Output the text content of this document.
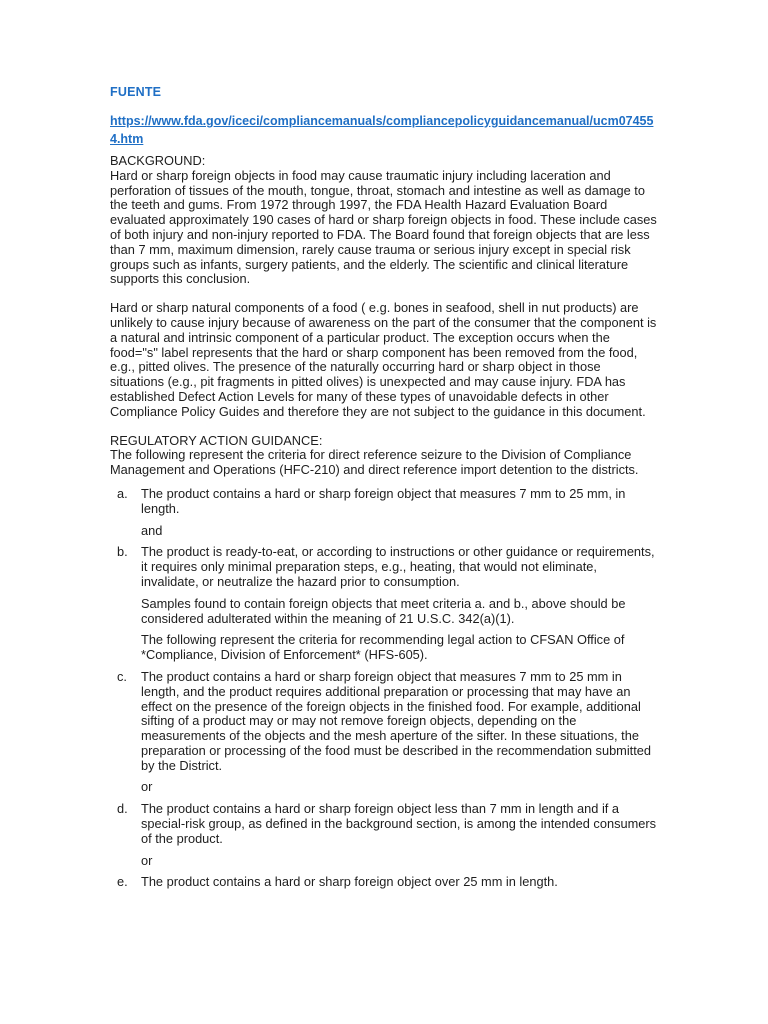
FUENTE
https://www.fda.gov/iceci/compliancemanuals/compliancepolicyguidancemanual/ucm074554.htm
BACKGROUND:

Hard or sharp foreign objects in food may cause traumatic injury including laceration and perforation of tissues of the mouth, tongue, throat, stomach and intestine as well as damage to the teeth and gums. From 1972 through 1997, the FDA Health Hazard Evaluation Board evaluated approximately 190 cases of hard or sharp foreign objects in food. These include cases of both injury and non-injury reported to FDA. The Board found that foreign objects that are less than 7 mm, maximum dimension, rarely cause trauma or serious injury except in special risk groups such as infants, surgery patients, and the elderly. The scientific and clinical literature supports this conclusion.

Hard or sharp natural components of a food ( e.g. bones in seafood, shell in nut products) are unlikely to cause injury because of awareness on the part of the consumer that the component is a natural and intrinsic component of a particular product. The exception occurs when the food="s" label represents that the hard or sharp component has been removed from the food, e.g., pitted olives. The presence of the naturally occurring hard or sharp object in those situations (e.g., pit fragments in pitted olives) is unexpected and may cause injury. FDA has established Defect Action Levels for many of these types of unavoidable defects in other Compliance Policy Guides and therefore they are not subject to the guidance in this document.

REGULATORY ACTION GUIDANCE:

The following represent the criteria for direct reference seizure to the Division of Compliance Management and Operations (HFC-210) and direct reference import detention to the districts.

a. The product contains a hard or sharp foreign object that measures 7 mm to 25 mm, in length.
and
b. The product is ready-to-eat, or according to instructions or other guidance or requirements, it requires only minimal preparation steps, e.g., heating, that would not eliminate, invalidate, or neutralize the hazard prior to consumption.
Samples found to contain foreign objects that meet criteria a. and b., above should be considered adulterated within the meaning of 21 U.S.C. 342(a)(1).
The following represent the criteria for recommending legal action to CFSAN Office of *Compliance, Division of Enforcement* (HFS-605).
c. The product contains a hard or sharp foreign object that measures 7 mm to 25 mm in length, and the product requires additional preparation or processing that may have an effect on the presence of the foreign objects in the finished food. For example, additional sifting of a product may or may not remove foreign objects, depending on the measurements of the objects and the mesh aperture of the sifter. In these situations, the preparation or processing of the food must be described in the recommendation submitted by the District.
or
d. The product contains a hard or sharp foreign object less than 7 mm in length and if a special-risk group, as defined in the background section, is among the intended consumers of the product.
or
e. The product contains a hard or sharp foreign object over 25 mm in length.
